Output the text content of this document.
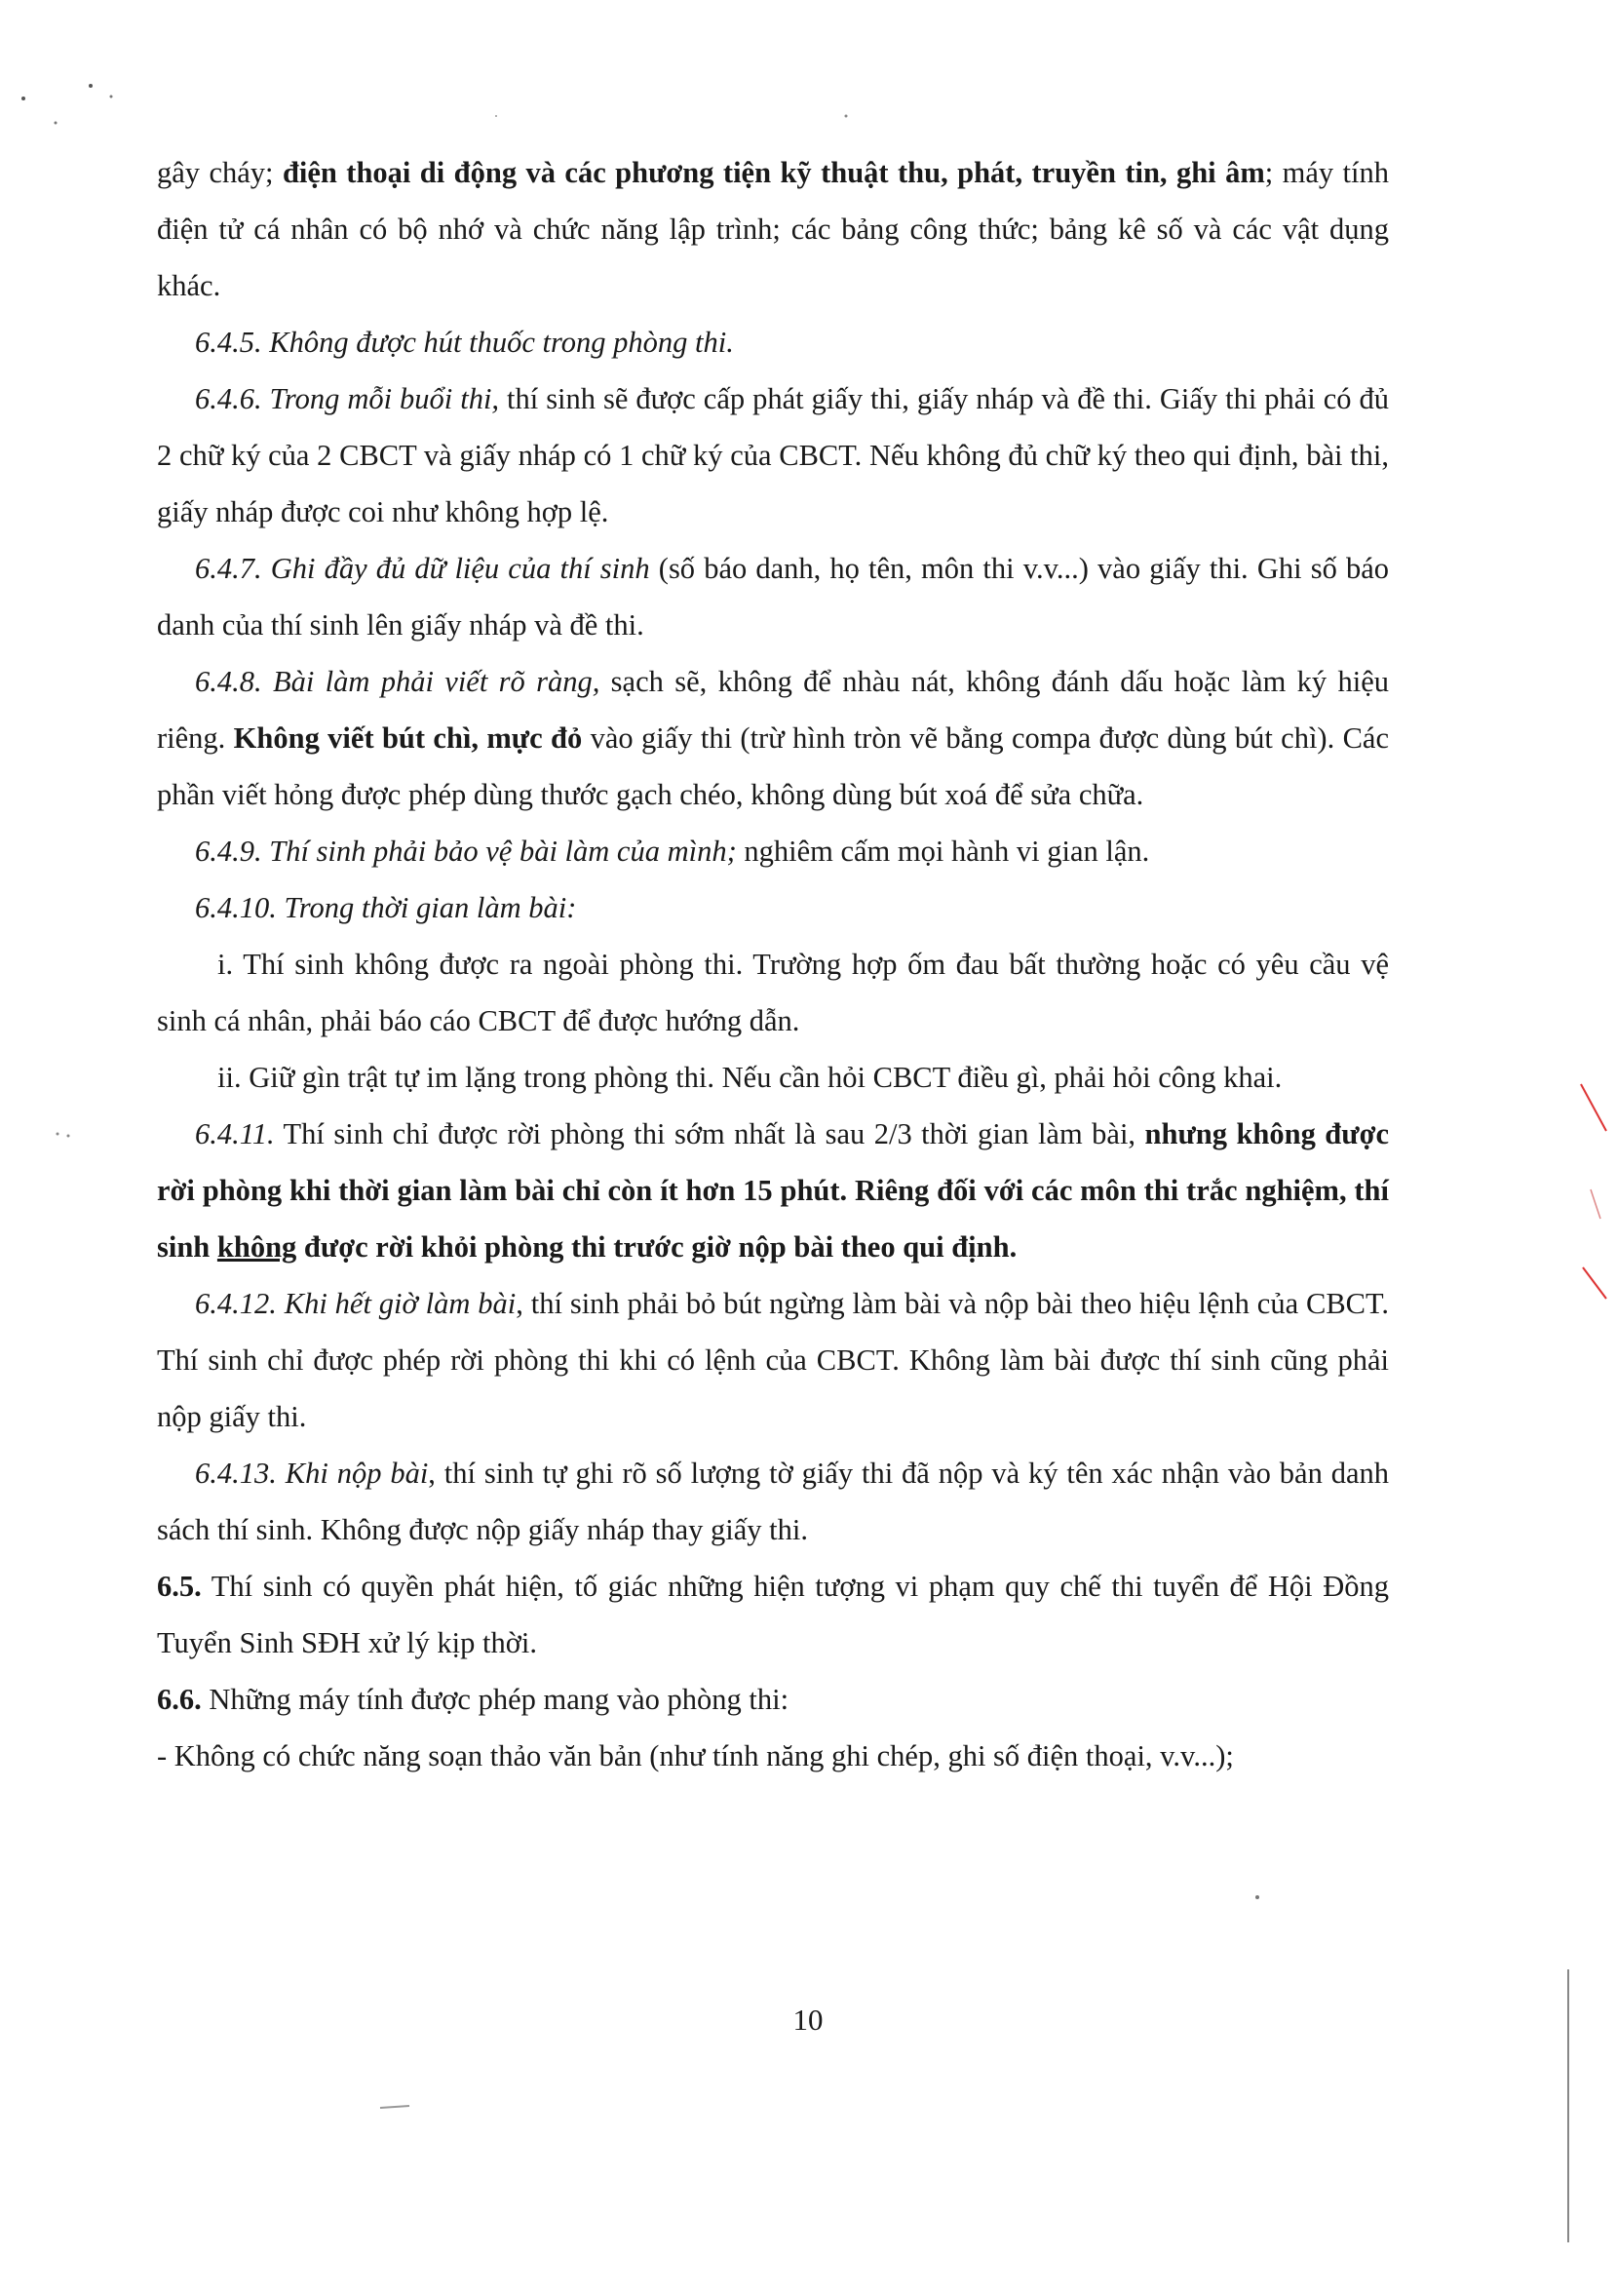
gây cháy; điện thoại di động và các phương tiện kỹ thuật thu, phát, truyền tin, ghi âm; máy tính điện tử cá nhân có bộ nhớ và chức năng lập trình; các bảng công thức; bảng kê số và các vật dụng khác.

6.4.5. Không được hút thuốc trong phòng thi.

6.4.6. Trong mỗi buổi thi, thí sinh sẽ được cấp phát giấy thi, giấy nháp và đề thi. Giấy thi phải có đủ 2 chữ ký của 2 CBCT và giấy nháp có 1 chữ ký của CBCT. Nếu không đủ chữ ký theo qui định, bài thi, giấy nháp được coi như không hợp lệ.

6.4.7. Ghi đầy đủ dữ liệu của thí sinh (số báo danh, họ tên, môn thi v.v...) vào giấy thi. Ghi số báo danh của thí sinh lên giấy nháp và đề thi.

6.4.8. Bài làm phải viết rõ ràng, sạch sẽ, không để nhàu nát, không đánh dấu hoặc làm ký hiệu riêng. Không viết bút chì, mực đỏ vào giấy thi (trừ hình tròn vẽ bằng compa được dùng bút chì). Các phần viết hỏng được phép dùng thước gạch chéo, không dùng bút xoá để sửa chữa.

6.4.9. Thí sinh phải bảo vệ bài làm của mình; nghiêm cấm mọi hành vi gian lận.

6.4.10. Trong thời gian làm bài:

i. Thí sinh không được ra ngoài phòng thi. Trường hợp ốm đau bất thường hoặc có yêu cầu vệ sinh cá nhân, phải báo cáo CBCT để được hướng dẫn.

ii. Giữ gìn trật tự im lặng trong phòng thi. Nếu cần hỏi CBCT điều gì, phải hỏi công khai.

6.4.11. Thí sinh chỉ được rời phòng thi sớm nhất là sau 2/3 thời gian làm bài, nhưng không được rời phòng khi thời gian làm bài chỉ còn ít hơn 15 phút. Riêng đối với các môn thi trắc nghiệm, thí sinh không được rời khỏi phòng thi trước giờ nộp bài theo qui định.

6.4.12. Khi hết giờ làm bài, thí sinh phải bỏ bút ngừng làm bài và nộp bài theo hiệu lệnh của CBCT. Thí sinh chỉ được phép rời phòng thi khi có lệnh của CBCT. Không làm bài được thí sinh cũng phải nộp giấy thi.

6.4.13. Khi nộp bài, thí sinh tự ghi rõ số lượng tờ giấy thi đã nộp và ký tên xác nhận vào bản danh sách thí sinh. Không được nộp giấy nháp thay giấy thi.

6.5. Thí sinh có quyền phát hiện, tố giác những hiện tượng vi phạm quy chế thi tuyển để Hội Đồng Tuyển Sinh SĐH xử lý kịp thời.

6.6. Những máy tính được phép mang vào phòng thi:

- Không có chức năng soạn thảo văn bản (như tính năng ghi chép, ghi số điện thoại, v.v...);

10
